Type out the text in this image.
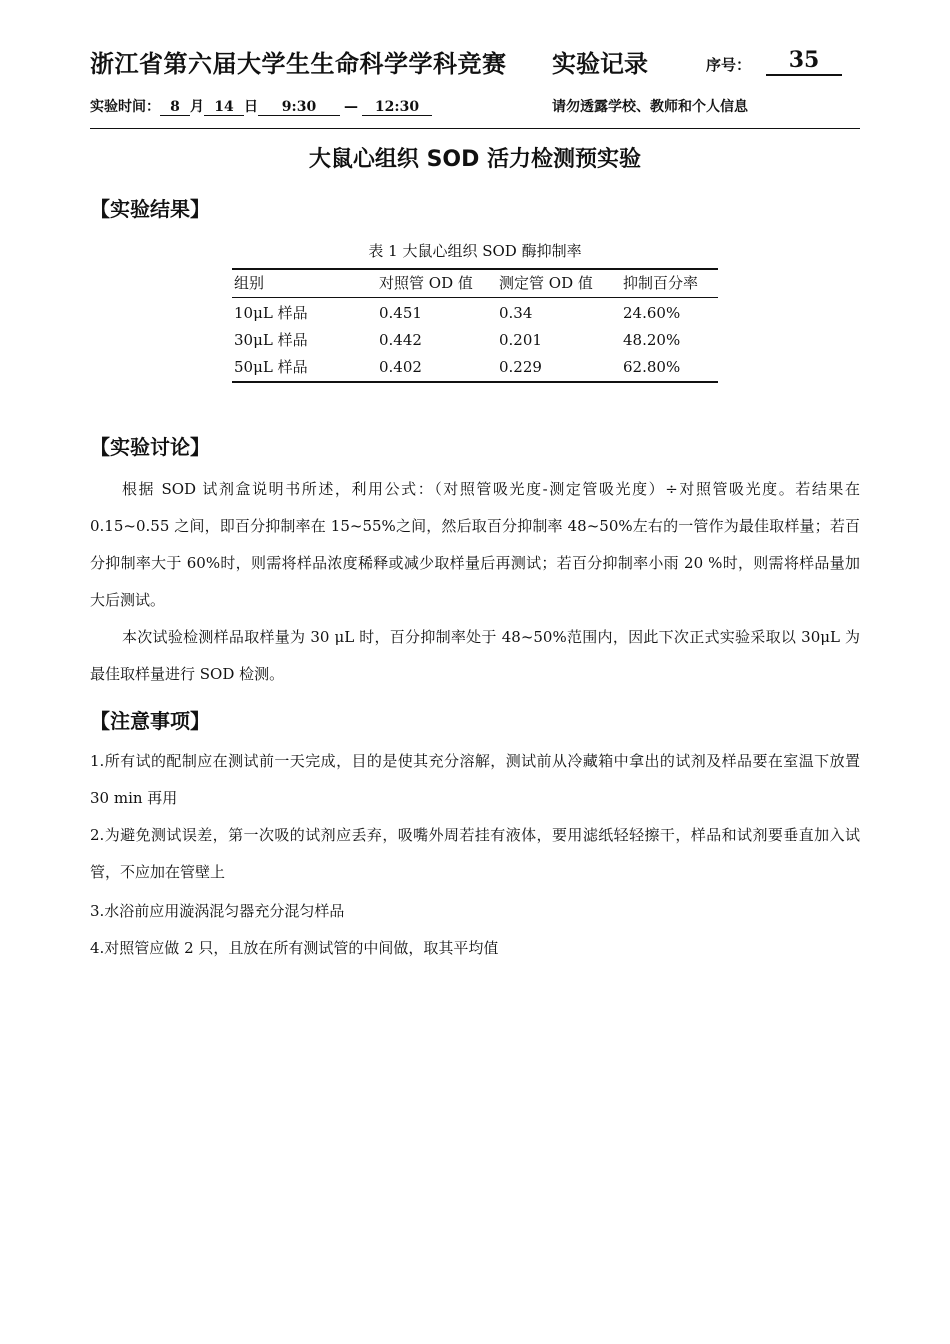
浙江省第六届大学生生命科学学科竞赛 实验记录	序号：	35
实验时间： 8 月 14 日 9:30 — 12:30	请勿透露学校、教师和个人信息
大鼠心组织 SOD 活力检测预实验
【实验结果】
表 1 大鼠心组织 SOD 酶抑制率
组别	对照管 OD 值	测定管 OD 值	抑制百分率
10μL 样品	0.451	0.34	24.60%
30μL 样品	0.442	0.201	48.20%
50μL 样品	0.402	0.229	62.80%
【实验讨论】
根据 SOD 试剂盒说明书所述，利用公式：（对照管吸光度-测定管吸光度）÷对照管吸光度。若结果在 0.15~0.55 之间，即百分抑制率在 15~55%之间，然后取百分抑制率 48~50%左右的一管作为最佳取样量；若百分抑制率大于 60%时，则需将样品浓度稀释或减少取样量后再测试；若百分抑制率小雨 20 %时，则需将样品量加大后测试。
本次试验检测样品取样量为 30 μL 时，百分抑制率处于 48~50%范围内，因此下次正式实验采取以 30μL 为最佳取样量进行 SOD 检测。
【注意事项】
1.所有试的配制应在测试前一天完成，目的是使其充分溶解，测试前从冷藏箱中拿出的试剂及样品要在室温下放置 30 min 再用
2.为避免测试误差，第一次吸的试剂应丢弃，吸嘴外周若挂有液体，要用滤纸轻轻擦干，样品和试剂要垂直加入试管，不应加在管壁上
3.水浴前应用漩涡混匀器充分混匀样品
4.对照管应做 2 只，且放在所有测试管的中间做，取其平均值
